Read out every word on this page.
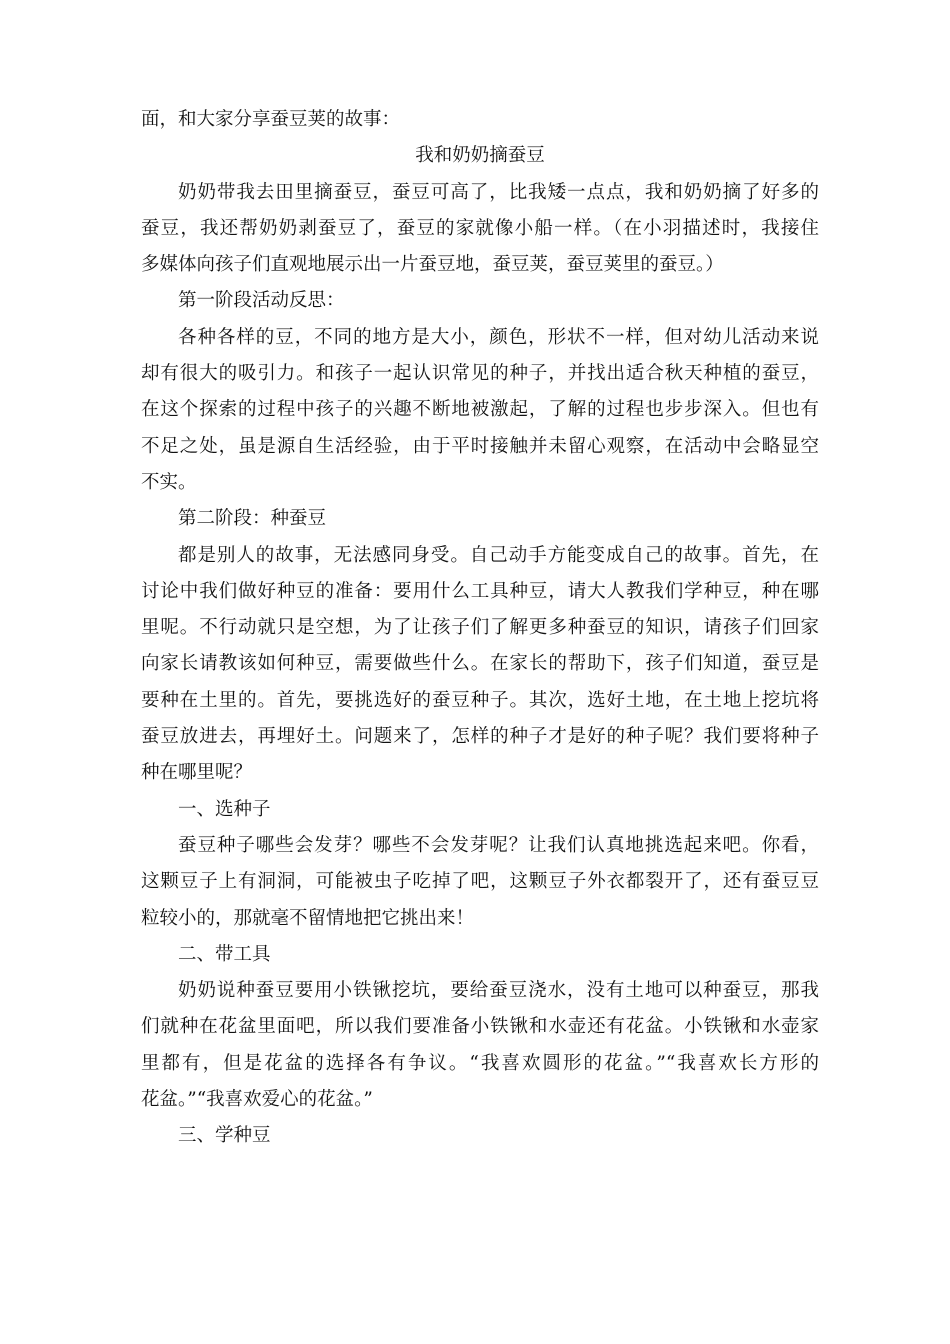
面，和大家分享蚕豆荚的故事：
我和奶奶摘蚕豆
奶奶带我去田里摘蚕豆，蚕豆可高了，比我矮一点点，我和奶奶摘了好多的
蚕豆，我还帮奶奶剥蚕豆了，蚕豆的家就像小船一样。（在小羽描述时，我接住
多媒体向孩子们直观地展示出一片蚕豆地，蚕豆荚，蚕豆荚里的蚕豆。）
第一阶段活动反思：
各种各样的豆，不同的地方是大小，颜色，形状不一样，但对幼儿活动来说
却有很大的吸引力。和孩子一起认识常见的种子，并找出适合秋天种植的蚕豆，
在这个探索的过程中孩子的兴趣不断地被激起，了解的过程也步步深入。但也有
不足之处，虽是源自生活经验，由于平时接触并未留心观察，在活动中会略显空
不实。
第二阶段：种蚕豆
都是别人的故事，无法感同身受。自己动手方能变成自己的故事。首先，在
讨论中我们做好种豆的准备：要用什么工具种豆，请大人教我们学种豆，种在哪
里呢。不行动就只是空想，为了让孩子们了解更多种蚕豆的知识，请孩子们回家
向家长请教该如何种豆，需要做些什么。在家长的帮助下，孩子们知道，蚕豆是
要种在土里的。首先，要挑选好的蚕豆种子。其次，选好土地，在土地上挖坑将
蚕豆放进去，再埋好土。问题来了，怎样的种子才是好的种子呢？我们要将种子
种在哪里呢？
一、选种子
蚕豆种子哪些会发芽？哪些不会发芽呢？让我们认真地挑选起来吧。你看，
这颗豆子上有洞洞，可能被虫子吃掉了吧，这颗豆子外衣都裂开了，还有蚕豆豆
粒较小的，那就毫不留情地把它挑出来！
二、带工具
奶奶说种蚕豆要用小铁锹挖坑，要给蚕豆浇水，没有土地可以种蚕豆，那我
们就种在花盆里面吧，所以我们要准备小铁锹和水壶还有花盆。小铁锹和水壶家
里都有，但是花盆的选择各有争议。“我喜欢圆形的花盆。”“我喜欢长方形的
花盆。”“我喜欢爱心的花盆。”
三、学种豆
